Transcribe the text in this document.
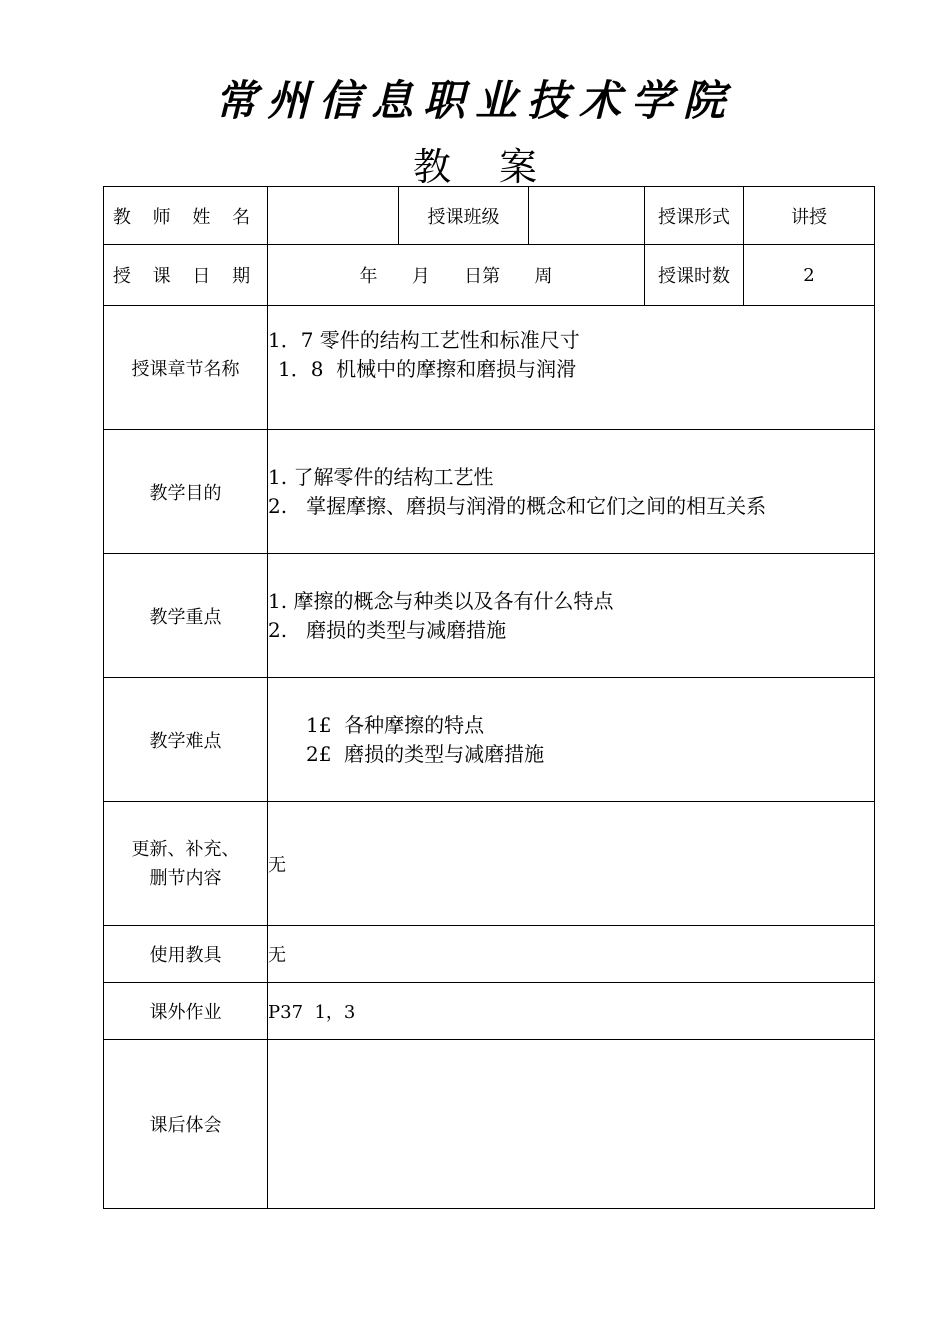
常州信息职业技术学院
教案
教 师 姓 名		授课班级		授课形式	讲授
授 课 日 期	年      月      日第      周			授课时数	2
授课章节名称	1．7 零件的结构工艺性和标准尺寸
1．8  机械中的摩擦和磨损与润滑				

教学目的	1. 了解零件的结构工艺性
2.   掌握摩擦、磨损与润滑的概念和它们之间的相互关系				

教学重点	1. 摩擦的概念与种类以及各有什么特点
2.   磨损的类型与减磨措施				

教学难点	1£  各种摩擦的特点
2£  磨损的类型与减磨措施				

更新、补充、
删节内容	无				
使用教具	无				
课外作业	P37  1，3				
课后体会					
